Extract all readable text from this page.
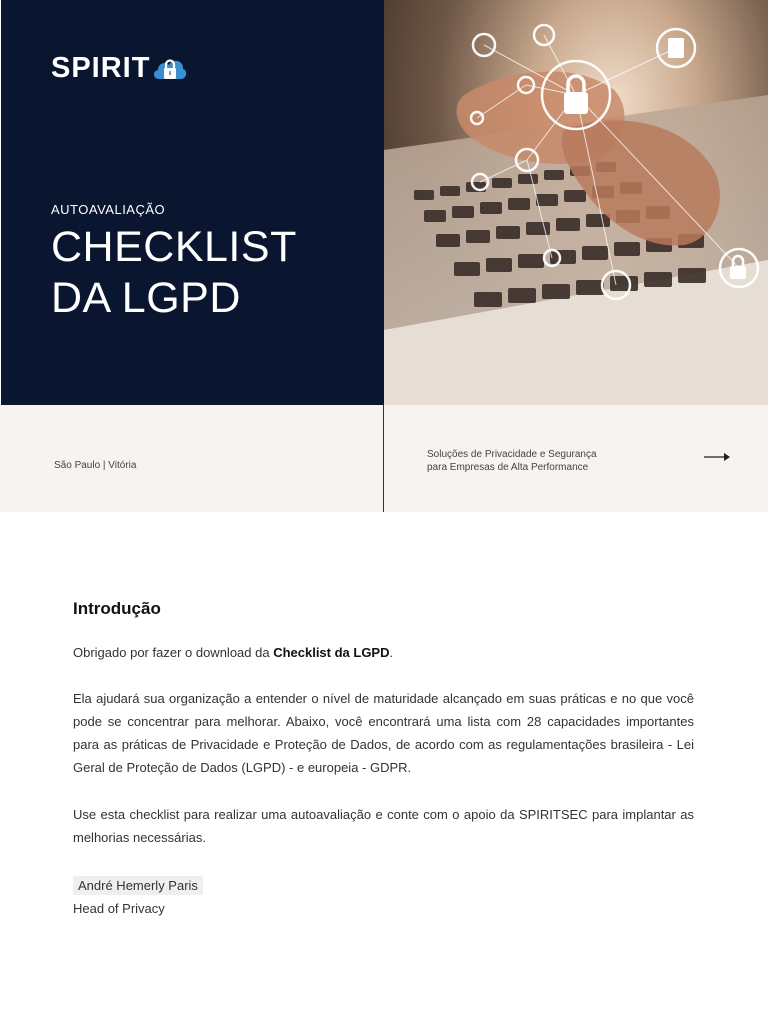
SPIRIT
AUTOAVALIAÇÃO
CHECKLIST
DA LGPD
São Paulo | Vitória
Soluções de Privacidade e Segurança
para Empresas de Alta Performance
Introdução

Obrigado por fazer o download da Checklist da LGPD.

Ela ajudará sua organização a entender o nível de maturidade alcançado em suas práticas e no que você pode se concentrar para melhorar. Abaixo, você encontrará uma lista com 28 capacidades importantes para as práticas de Privacidade e Proteção de Dados, de acordo com as regulamentações brasileira - Lei Geral de Proteção de Dados (LGPD) - e europeia - GDPR.

Use esta checklist para realizar uma autoavaliação e conte com o apoio da SPIRITSEC para implantar as melhorias necessárias.

André Hemerly Paris
Head of Privacy
